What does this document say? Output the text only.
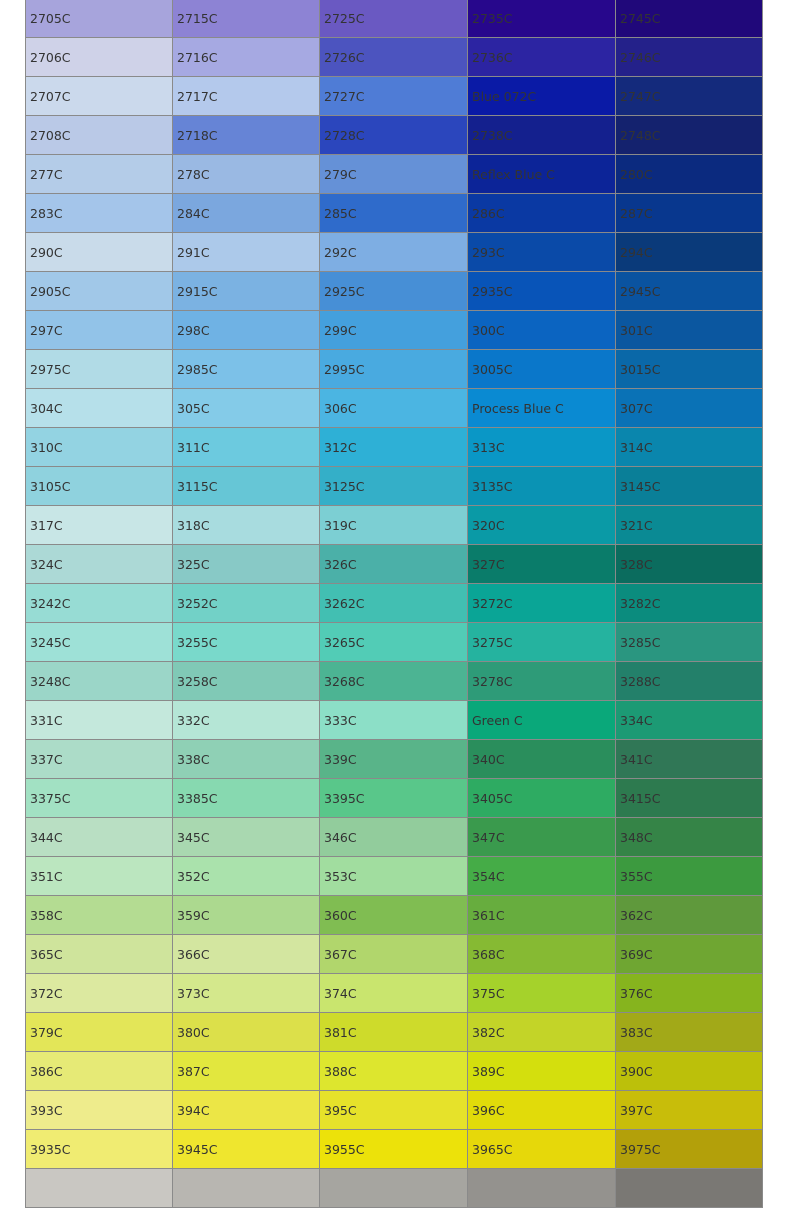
2705C	2715C	2725C	2735C	2745C
2706C	2716C	2726C	2736C	2746C
2707C	2717C	2727C	Blue 072C	2747C
2708C	2718C	2728C	2738C	2748C
277C	278C	279C	Reflex Blue C	280C
283C	284C	285C	286C	287C
290C	291C	292C	293C	294C
2905C	2915C	2925C	2935C	2945C
297C	298C	299C	300C	301C
2975C	2985C	2995C	3005C	3015C
304C	305C	306C	Process Blue C	307C
310C	311C	312C	313C	314C
3105C	3115C	3125C	3135C	3145C
317C	318C	319C	320C	321C
324C	325C	326C	327C	328C
3242C	3252C	3262C	3272C	3282C
3245C	3255C	3265C	3275C	3285C
3248C	3258C	3268C	3278C	3288C
331C	332C	333C	Green C	334C
337C	338C	339C	340C	341C
3375C	3385C	3395C	3405C	3415C
344C	345C	346C	347C	348C
351C	352C	353C	354C	355C
358C	359C	360C	361C	362C
365C	366C	367C	368C	369C
372C	373C	374C	375C	376C
379C	380C	381C	382C	383C
386C	387C	388C	389C	390C
393C	394C	395C	396C	397C
3935C	3945C	3955C	3965C	3975C
